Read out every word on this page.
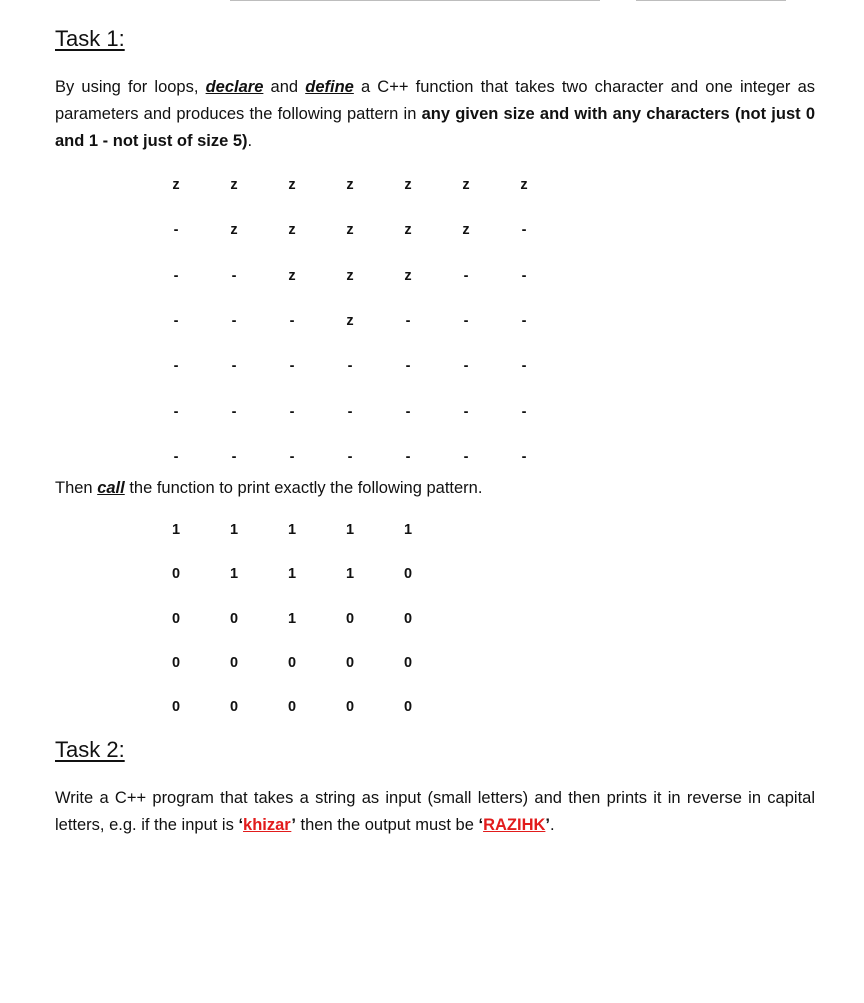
Task 1:

By using for loops, declare and define a C++ function that takes two character and one integer as parameters and produces the following pattern in any given size and with any characters (not just 0 and 1 - not just of size 5).

z	z	z	z	z	z	z
-	z	z	z	z	z	-
-	-	z	z	z	-	-
-	-	-	z	-	-	-
-	-	-	-	-	-	-
-	-	-	-	-	-	-
-	-	-	-	-	-	-

Then call the function to print exactly the following pattern.

1	1	1	1	1
0	1	1	1	0
0	0	1	0	0
0	0	0	0	0
0	0	0	0	0
Task 2:

Write a C++ program that takes a string as input (small letters) and then prints it in reverse in capital letters, e.g. if the input is ‘khizar’ then the output must be ‘RAZIHK’.
